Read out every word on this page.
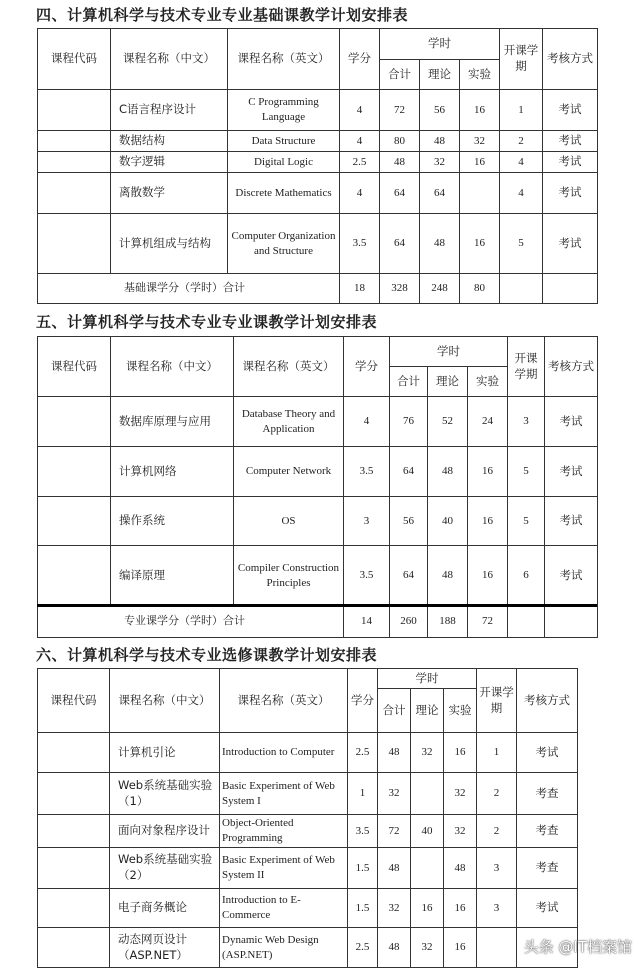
四、计算机科学与技术专业专业基础课教学计划安排表
课程代码	课程名称（中文）	课程名称（英文）	学分	学时			开课学期	考核方式
				合计	理论	实验		
	C语言程序设计	C Programming Language	4	72	56	16	1	考试
	数据结构	Data Structure	4	80	48	32	2	考试
	数字逻辑	Digital Logic	2.5	48	32	16	4	考试
	离散数学	Discrete Mathematics	4	64	64		4	考试
	计算机组成与结构	Computer Organization and Structure	3.5	64	48	16	5	考试
基础课学分（学时）合计			18	328	248	80		
五、计算机科学与技术专业专业课教学计划安排表
课程代码	课程名称（中文）	课程名称（英文）	学分	学时			开课学期	考核方式
				合计	理论	实验		
	数据库原理与应用	Database Theory and Application	4	76	52	24	3	考试
	计算机网络	Computer Network	3.5	64	48	16	5	考试
	操作系统	OS	3	56	40	16	5	考试
	编译原理	Compiler Construction Principles	3.5	64	48	16	6	考试
专业课学分（学时）合计			14	260	188	72		
六、计算机科学与技术专业选修课教学计划安排表
课程代码	课程名称（中文）	课程名称（英文）	学分	学时			开课学期	考核方式
				合计	理论	实验		
	计算机引论	Introduction to Computer	2.5	48	32	16	1	考试
	Web系统基础实验（1）	Basic Experiment of Web System I	1	32		32	2	考查
	面向对象程序设计	Object-Oriented Programming	3.5	72	40	32	2	考查
	Web系统基础实验（2）	Basic Experiment of Web System II	1.5	48		48	3	考查
	电子商务概论	Introduction to E-Commerce	1.5	32	16	16	3	考试
	动态网页设计（ASP.NET）	Dynamic Web Design (ASP.NET)	2.5	48	32	16			头条 @IT档案馆
